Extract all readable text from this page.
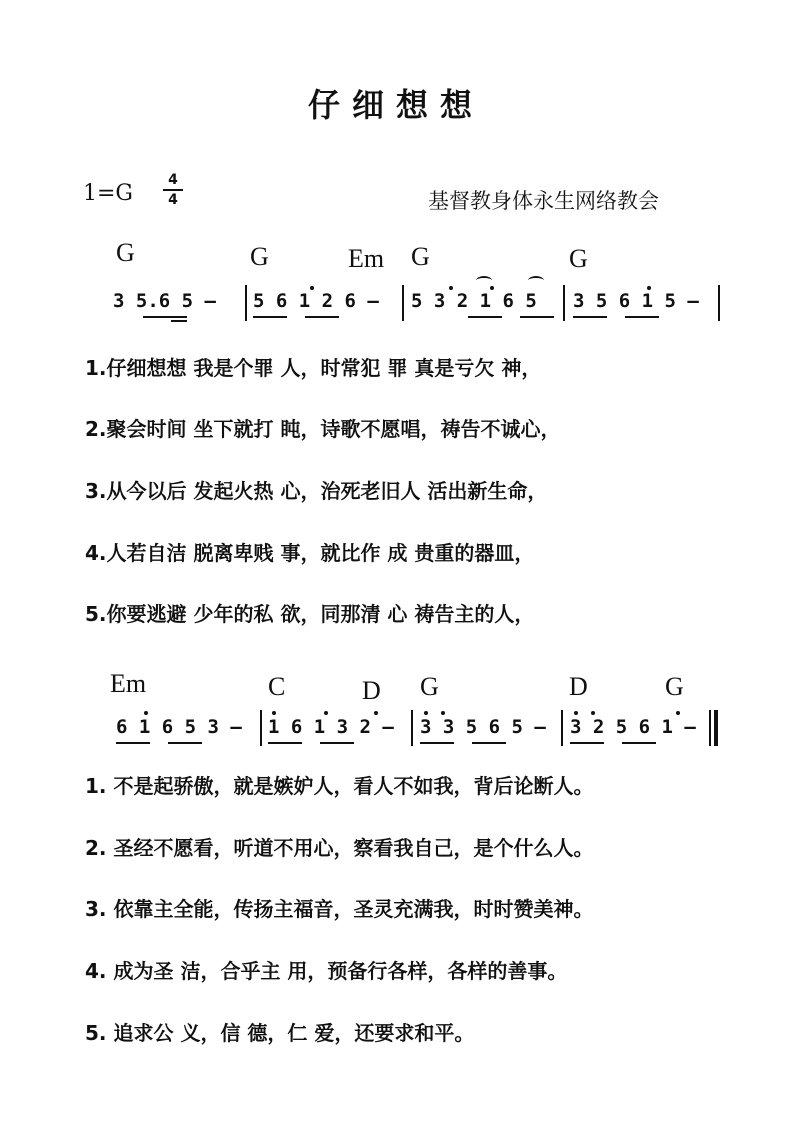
仔细想想
1=G
4
4	基督教身体永生网络教会
G	G	Em G	G
3 5.6 5 – 5 6 1 2 6 – 5 3 2 1 6 5 3 5 6 1 5 –
1.仔细想想 我是个罪 人，时常犯 罪 真是亏欠 神，
2.聚会时间 坐下就打 盹，诗歌不愿唱，祷告不诚心，
3.从今以后 发起火热 心，治死老旧人 活出新生命，
4.人若自洁 脱离卑贱 事，就比作 成 贵重的器皿，
5.你要逃避 少年的私 欲，同那清 心 祷告主的人，
Em	C	D G	D	G
6 1 6 5 3 – 1 6 1 3 2 – 3 3 5 6 5 – 3 2 5 6 1 –
1. 不是起骄傲，就是嫉妒人，看人不如我，背后论断人。
2. 圣经不愿看，听道不用心，察看我自己，是个什么人。
3. 依靠主全能，传扬主福音，圣灵充满我，时时赞美神。
4. 成为圣 洁，合乎主 用，预备行各样，各样的善事。
5. 追求公 义，信 德，仁 爱，还要求和平。
